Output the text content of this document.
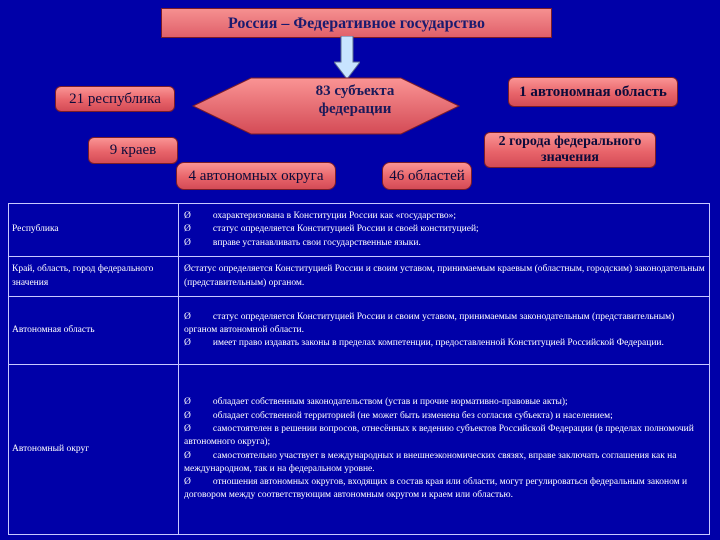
Россия – Федеративное государство
83 субъекта
федерации
21 республика	1 автономная область
9 краев
2 города федерального значения
4 автономных округа	46 областей
Республика	Ø охарактеризована в Конституции России как «государство»;
Ø статус определяется Конституцией России и своей конституцией;
Ø вправе устанавливать свои государственные языки.

Край, область, город федерального значения	Øстатус определяется Конституцией России и своим уставом, принимаемым краевым (областным, городским) законодательным (представительным) органом.
Автономная область	Ø статус определяется Конституцией России и своим уставом, принимаемым законодательным (представительным) органом автономной области.
Ø имеет право издавать законы в пределах компетенции, предоставленной Конституцией Российской Федерации.

Автономный округ	Ø обладает собственным законодательством (устав и прочие нормативно-правовые акты);
Ø обладает собственной территорией (не может быть изменена без согласия субъекта) и населением;
Ø самостоятелен в решении вопросов, отнесённых к ведению субъектов Российской Федерации (в пределах полномочий автономного округа);
Ø самостоятельно участвует в международных и внешнеэкономических связях, вправе заключать соглашения как на международном, так и на федеральном уровне.
Ø отношения автономных округов, входящих в состав края или области, могут регулироваться федеральным законом и договором между соответствующим автономным округом и краем или областью.
